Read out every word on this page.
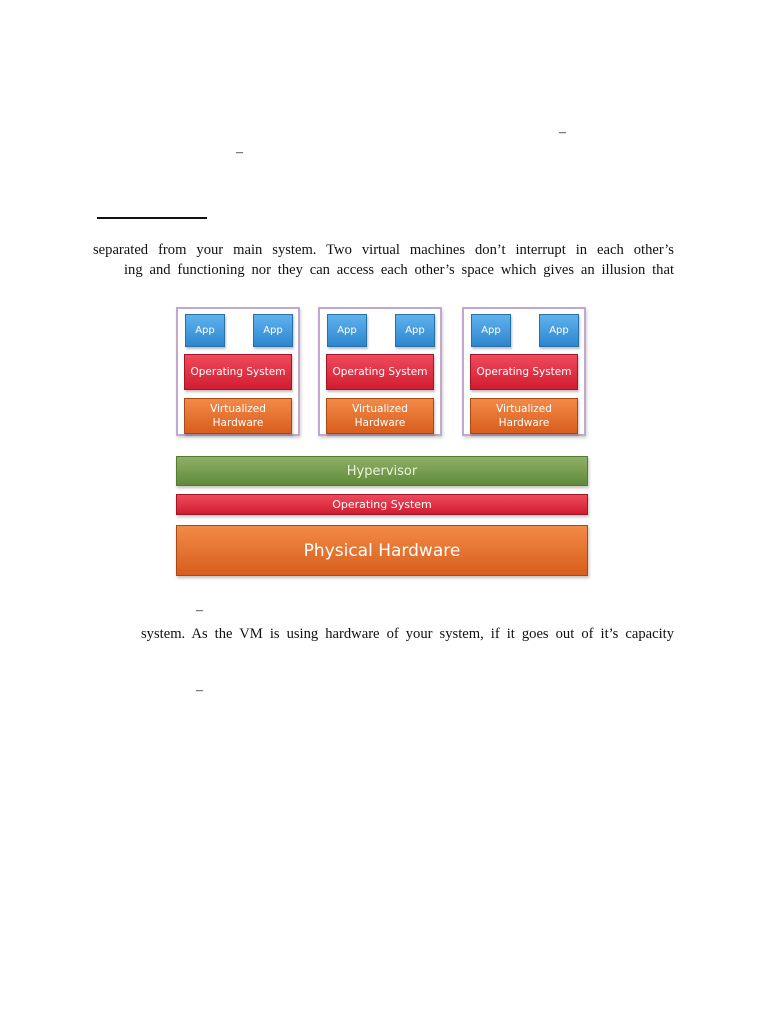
–
–
separated from your main system. Two virtual machines don’t interrupt in each other’s
ing and functioning nor they can access each other’s space which gives an illusion that
App	App
Operating System
Virtualized Hardware
App	App
Operating System
Virtualized Hardware
App	App
Operating System
Virtualized Hardware
Hypervisor
Operating System
Physical Hardware
–
system. As the VM is using hardware of your system, if it goes out of it’s capacity
–
